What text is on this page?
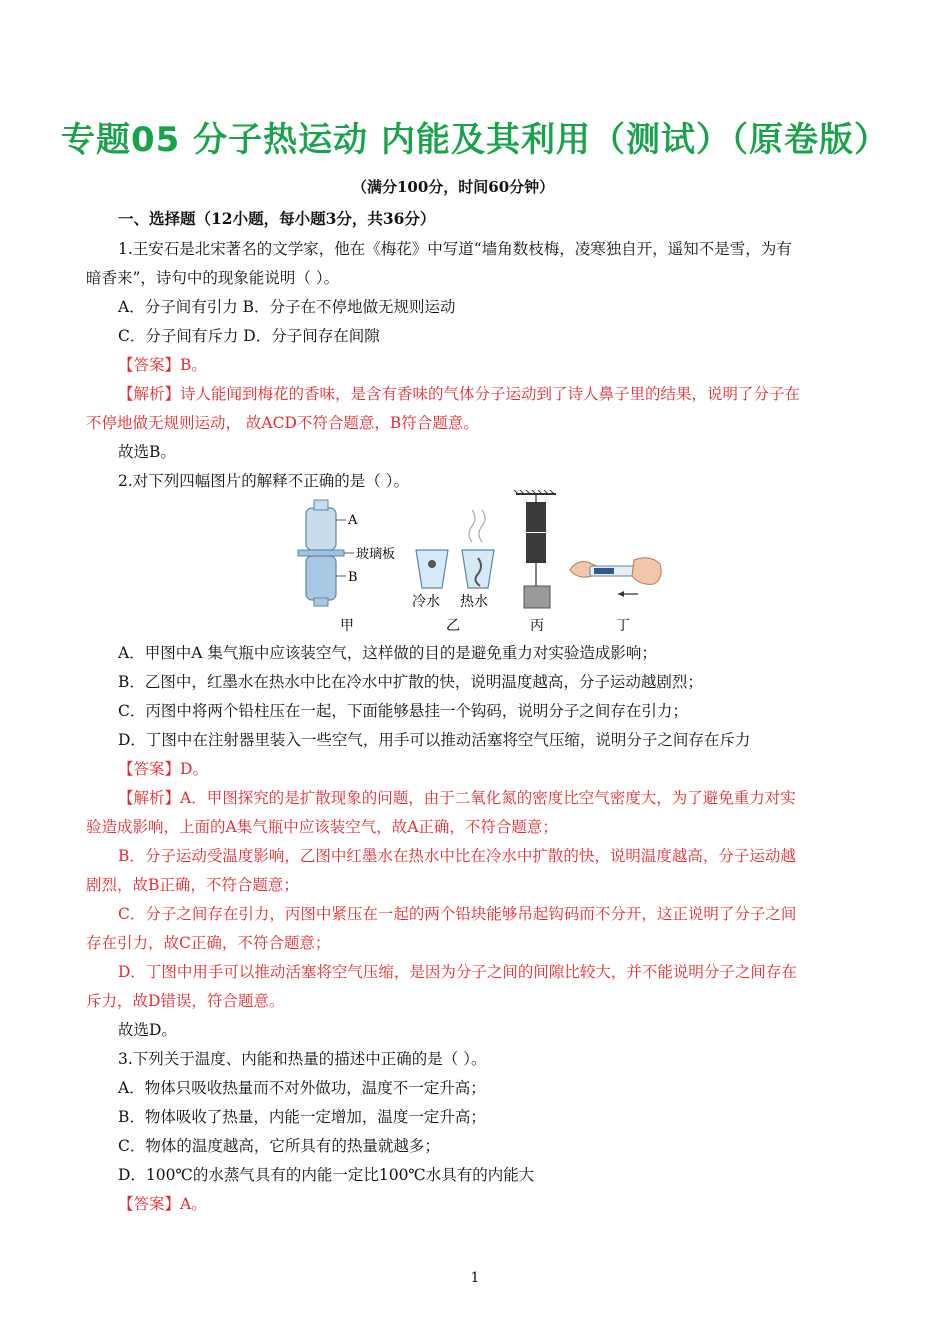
专题05 分子热运动 内能及其利用（测试）（原卷版）
（满分100分，时间60分钟）
一、选择题（12小题，每小题3分，共36分）
1.王安石是北宋著名的文学家，他在《梅花》中写道“墙角数枝梅，凌寒独自开，遥知不是雪，为有
暗香来”，诗句中的现象能说明（ ）。
A．分子间有引力 B．分子在不停地做无规则运动
C．分子间有斥力 D．分子间存在间隙
【答案】B。
【解析】诗人能闻到梅花的香味，是含有香味的气体分子运动到了诗人鼻子里的结果，说明了分子在
不停地做无规则运动， 故ACD不符合题意，B符合题意。
故选B。
2.对下列四幅图片的解释不正确的是（ ）。
A
玻璃板
B
甲
冷水 热水
乙	丙	丁
A．甲图中A 集气瓶中应该装空气，这样做的目的是避免重力对实验造成影响；
B．乙图中，红墨水在热水中比在冷水中扩散的快，说明温度越高，分子运动越剧烈；
C．丙图中将两个铅柱压在一起，下面能够悬挂一个钩码，说明分子之间存在引力；
D．丁图中在注射器里装入一些空气，用手可以推动活塞将空气压缩，说明分子之间存在斥力
【答案】D。
【解析】A．甲图探究的是扩散现象的问题，由于二氧化氮的密度比空气密度大，为了避免重力对实
验造成影响，上面的A集气瓶中应该装空气，故A正确，不符合题意；
B．分子运动受温度影响，乙图中红墨水在热水中比在冷水中扩散的快，说明温度越高，分子运动越
剧烈，故B正确，不符合题意；
C．分子之间存在引力，丙图中紧压在一起的两个铅块能够吊起钩码而不分开，这正说明了分子之间
存在引力，故C正确，不符合题意；
D．丁图中用手可以推动活塞将空气压缩，是因为分子之间的间隙比较大，并不能说明分子之间存在
斥力，故D错误，符合题意。
故选D。
3.下列关于温度、内能和热量的描述中正确的是（ ）。
A．物体只吸收热量而不对外做功，温度不一定升高；
B．物体吸收了热量，内能一定增加，温度一定升高；
C．物体的温度越高，它所具有的热量就越多；
D．100℃的水蒸气具有的内能一定比100℃水具有的内能大
【答案】A。
1
